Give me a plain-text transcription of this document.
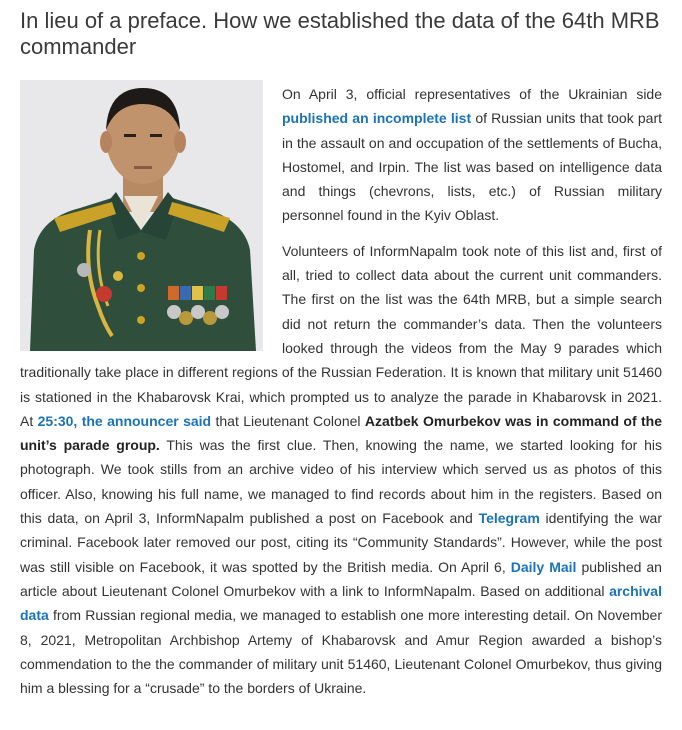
In lieu of a preface. How we established the data of the 64th MRB commander

On April 3, official representatives of the Ukrainian side published an incomplete list of Russian units that took part in the assault on and occupation of the settlements of Bucha, Hostomel, and Irpin. The list was based on intelligence data and things (chevrons, lists, etc.) of Russian military personnel found in the Kyiv Oblast.

Volunteers of InformNapalm took note of this list and, first of all, tried to collect data about the current unit commanders. The first on the list was the 64th MRB, but a simple search did not return the commander’s data. Then the volunteers looked through the videos from the May 9 parades which traditionally take place in different regions of the Russian Federation. It is known that military unit 51460 is stationed in the Khabarovsk Krai, which prompted us to analyze the parade in Khabarovsk in 2021. At 25:30, the announcer said that Lieutenant Colonel Azatbek Omurbekov was in command of the unit’s parade group. This was the first clue. Then, knowing the name, we started looking for his photograph. We took stills from an archive video of his interview which served us as photos of this officer. Also, knowing his full name, we managed to find records about him in the registers. Based on this data, on April 3, InformNapalm published a post on Facebook and Telegram identifying the war criminal. Facebook later removed our post, citing its “Community Standards”. However, while the post was still visible on Facebook, it was spotted by the British media. On April 6, Daily Mail published an article about Lieutenant Colonel Omurbekov with a link to InformNapalm. Based on additional archival data from Russian regional media, we managed to establish one more interesting detail. On November 8, 2021, Metropolitan Archbishop Artemy of Khabarovsk and Amur Region awarded a bishop’s commendation to the the commander of military unit 51460, Lieutenant Colonel Omurbekov, thus giving him a blessing for a “crusade” to the borders of Ukraine.
